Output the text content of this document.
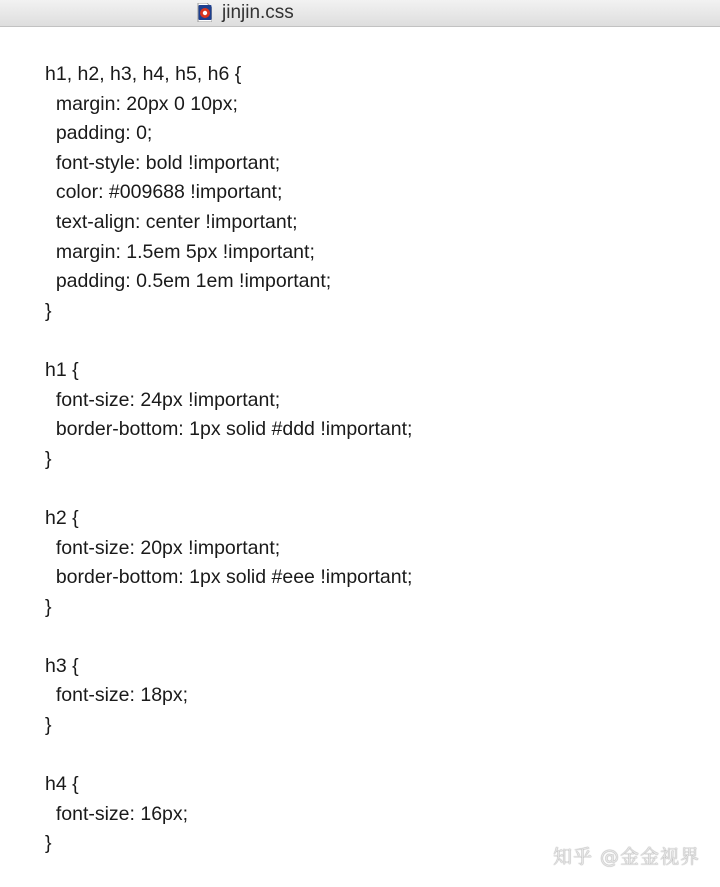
jinjin.css
h1, h2, h3, h4, h5, h6 {
margin: 20px 0 10px;
padding: 0;
font-style: bold !important;
color: #009688 !important;
text-align: center !important;
margin: 1.5em 5px !important;
padding: 0.5em 1em !important;
}
h1 {
font-size: 24px !important;
border-bottom: 1px solid #ddd !important;
}
h2 {
font-size: 20px !important;
border-bottom: 1px solid #eee !important;
}
h3 {
font-size: 18px;
}
h4 {
font-size: 16px;
}
知乎 @金金视界
